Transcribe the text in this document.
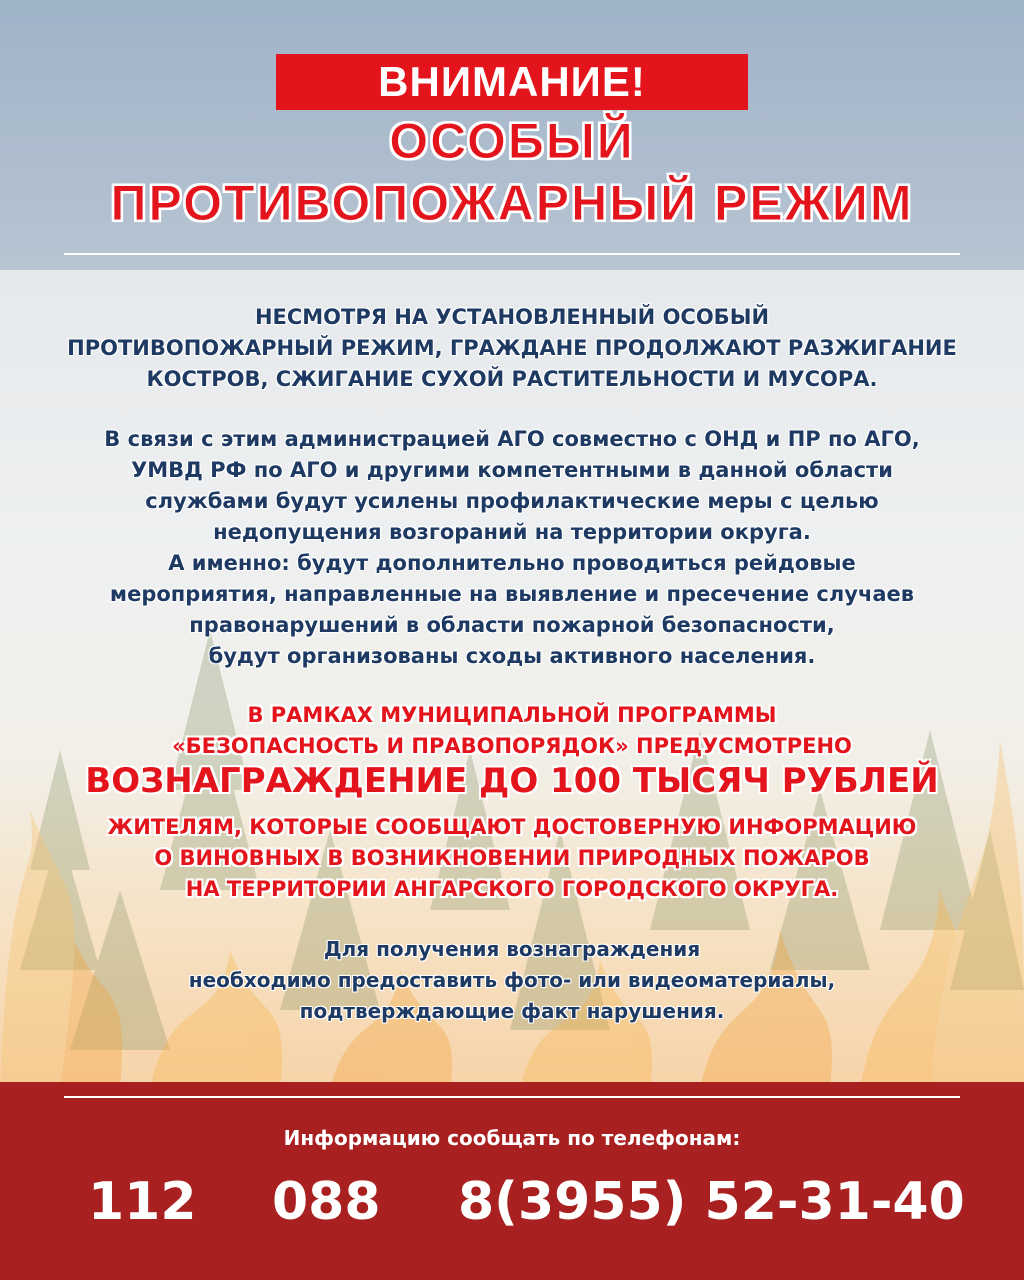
ВНИМАНИЕ!
ОСОБЫЙ
ПРОТИВОПОЖАРНЫЙ РЕЖИМ
НЕСМОТРЯ НА УСТАНОВЛЕННЫЙ ОСОБЫЙ
ПРОТИВОПОЖАРНЫЙ РЕЖИМ, ГРАЖДАНЕ ПРОДОЛЖАЮТ РАЗЖИГАНИЕ
КОСТРОВ, СЖИГАНИЕ СУХОЙ РАСТИТЕЛЬНОСТИ И МУСОРА.
В связи с этим администрацией АГО совместно с ОНД и ПР по АГО,
УМВД РФ по АГО и другими компетентными в данной области
службами будут усилены профилактические меры с целью
недопущения возгораний на территории округа.
А именно: будут дополнительно проводиться рейдовые
мероприятия, направленные на выявление и пресечение случаев
правонарушений в области пожарной безопасности,
будут организованы сходы активного населения.
В РАМКАХ МУНИЦИПАЛЬНОЙ ПРОГРАММЫ
«БЕЗОПАСНОСТЬ И ПРАВОПОРЯДОК» ПРЕДУСМОТРЕНО
ВОЗНАГРАЖДЕНИЕ ДО 100 ТЫСЯЧ РУБЛЕЙ
ЖИТЕЛЯМ, КОТОРЫЕ СООБЩАЮТ ДОСТОВЕРНУЮ ИНФОРМАЦИЮ
О ВИНОВНЫХ В ВОЗНИКНОВЕНИИ ПРИРОДНЫХ ПОЖАРОВ
НА ТЕРРИТОРИИ АНГАРСКОГО ГОРОДСКОГО ОКРУГА.
Для получения вознаграждения
необходимо предоставить фото- или видеоматериалы,
подтверждающие факт нарушения.
Информацию сообщать по телефонам:
112 088 8(3955) 52-31-40
